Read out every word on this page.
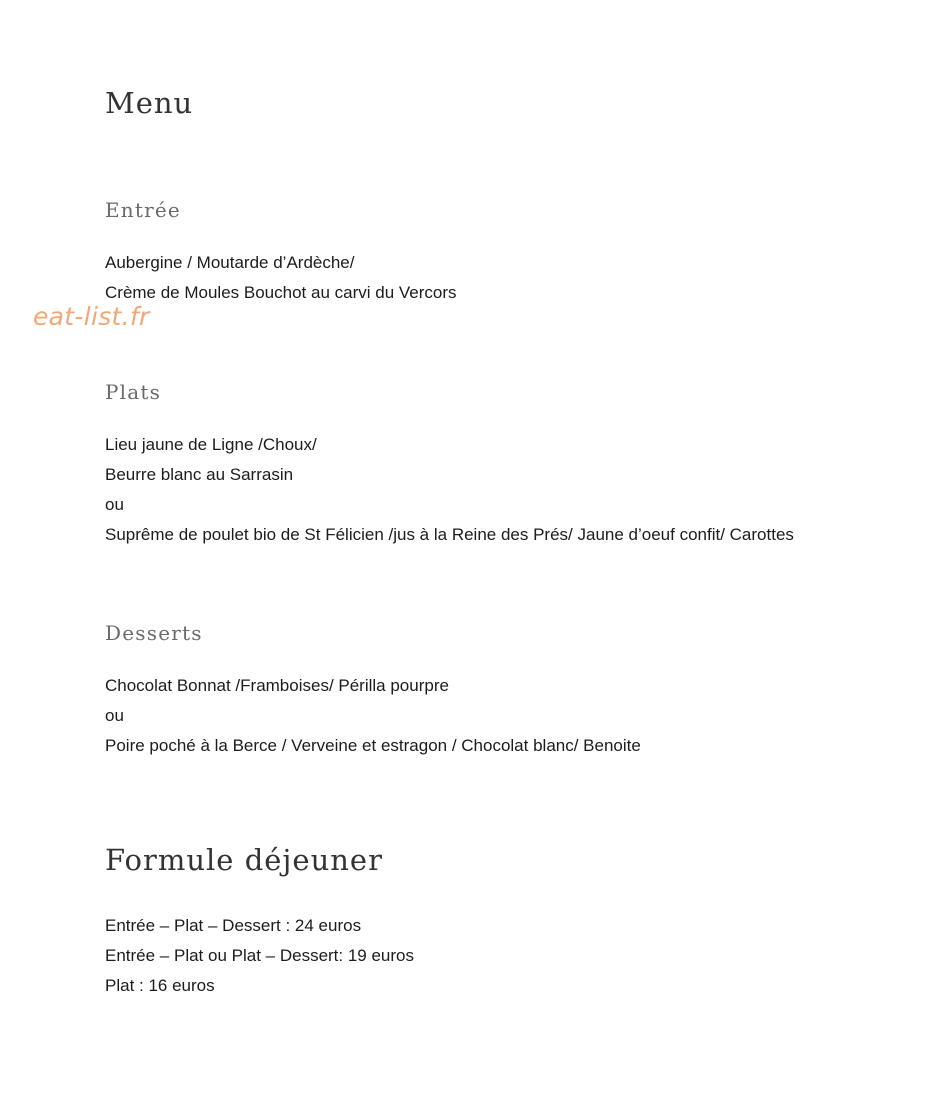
eat-list.fr
Menu
Entrée
Aubergine / Moutarde d’Ardèche/
Crème de Moules Bouchot au carvi du Vercors
Plats
Lieu jaune de Ligne /Choux/
Beurre blanc au Sarrasin
ou
Suprême de poulet bio de St Félicien /jus à la Reine des Prés/ Jaune d’oeuf confit/ Carottes
Desserts
Chocolat Bonnat /Framboises/ Périlla pourpre
ou
Poire poché à la Berce / Verveine et estragon / Chocolat blanc/ Benoite
Formule déjeuner
Entrée – Plat – Dessert : 24 euros
Entrée – Plat ou Plat – Dessert: 19 euros
Plat : 16 euros
